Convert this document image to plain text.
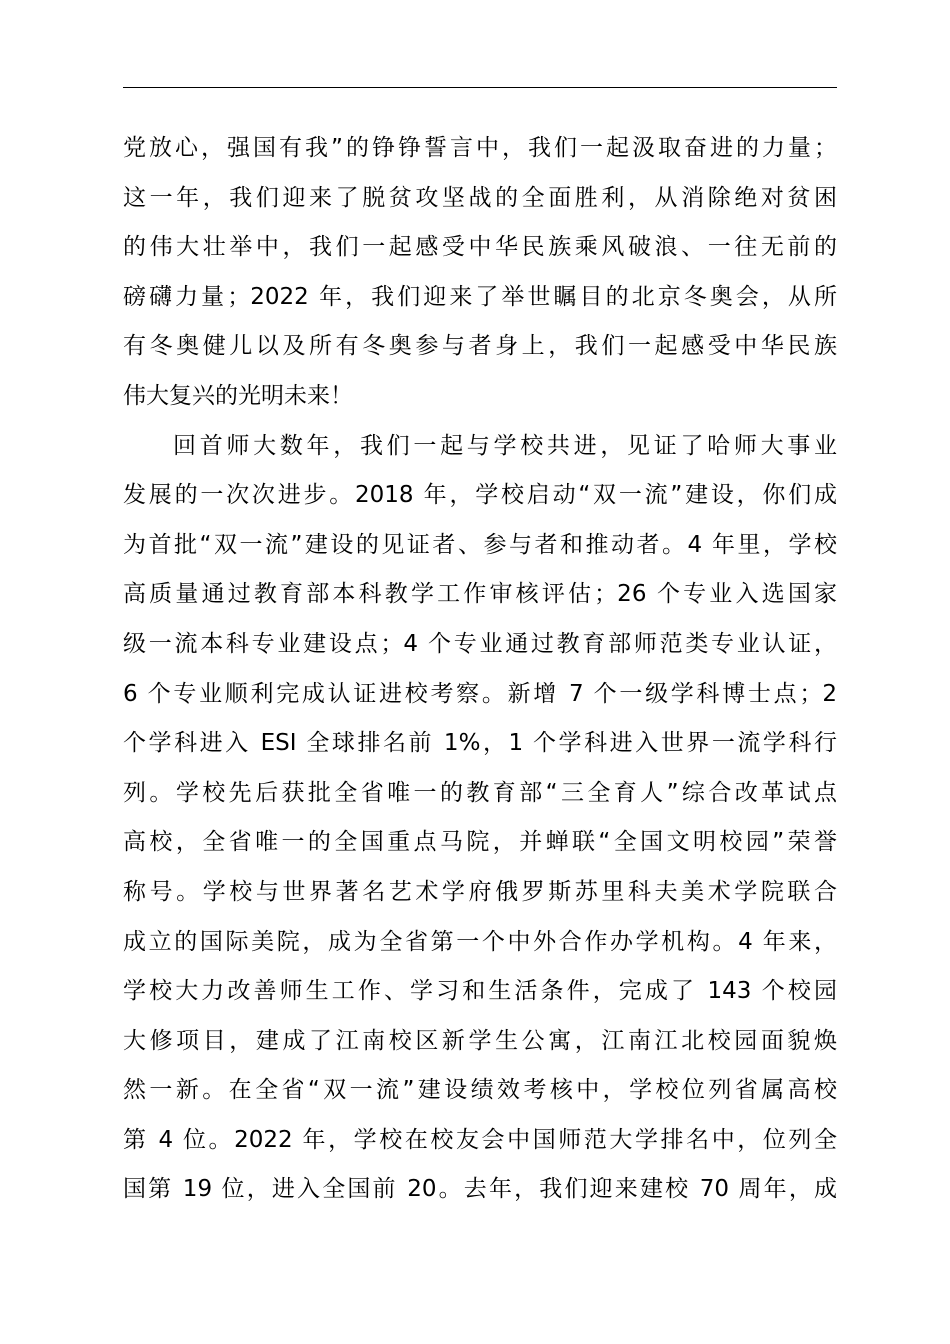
党放心，强国有我”的铮铮誓言中，我们一起汲取奋进的力量；
这一年，我们迎来了脱贫攻坚战的全面胜利，从消除绝对贫困
的伟大壮举中，我们一起感受中华民族乘风破浪、一往无前的
磅礴力量；2022 年，我们迎来了举世瞩目的北京冬奥会，从所
有冬奥健儿以及所有冬奥参与者身上，我们一起感受中华民族
伟大复兴的光明未来！
回首师大数年，我们一起与学校共进，见证了哈师大事业
发展的一次次进步。2018 年，学校启动“双一流”建设，你们成
为首批“双一流”建设的见证者、参与者和推动者。4 年里，学校
高质量通过教育部本科教学工作审核评估；26 个专业入选国家
级一流本科专业建设点；4 个专业通过教育部师范类专业认证，
6 个专业顺利完成认证进校考察。新增 7 个一级学科博士点；2
个学科进入 ESI 全球排名前 1%，1 个学科进入世界一流学科行
列。学校先后获批全省唯一的教育部“三全育人”综合改革试点
高校，全省唯一的全国重点马院，并蝉联“全国文明校园”荣誉
称号。学校与世界著名艺术学府俄罗斯苏里科夫美术学院联合
成立的国际美院，成为全省第一个中外合作办学机构。4 年来，
学校大力改善师生工作、学习和生活条件，完成了 143 个校园
大修项目，建成了江南校区新学生公寓，江南江北校园面貌焕
然一新。在全省“双一流”建设绩效考核中，学校位列省属高校
第 4 位。2022 年，学校在校友会中国师范大学排名中，位列全
国第 19 位，进入全国前 20。去年，我们迎来建校 70 周年，成
